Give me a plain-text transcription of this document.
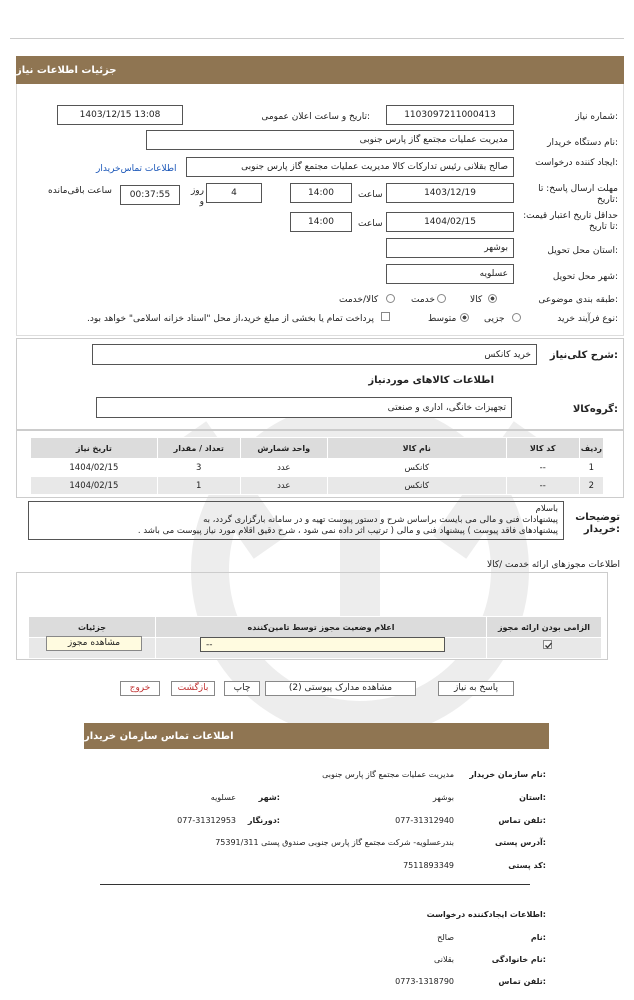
جزئیات اطلاعات نیاز
شماره نیاز:
1103097211000413
تاریخ و ساعت اعلان عمومی:
1403/12/15 13:08
نام دستگاه خریدار:
مدیریت عملیات مجتمع گاز پارس جنوبی
ایجاد کننده درخواست:
صالح بقلانی رئیس تدارکات کالا مدیریت عملیات مجتمع گاز پارس جنوبی
اطلاعات تماس‌خریدار
مهلت ارسال پاسخ: تا تاریخ:
1403/12/19
ساعت
14:00
4
روز و
00:37:55
ساعت باقی‌مانده
حداقل تاریخ اعتبار قیمت: تا تاریخ:
1404/02/15
ساعت
14:00
استان محل تحویل:
بوشهر
شهر محل تحویل:
عسلویه
طبقه بندی موضوعی:
کالا
خدمت
کالا/خدمت
نوع فرآیند خرید:
جزیی
متوسط
پرداخت تمام یا بخشی از مبلغ خرید،از محل "اسناد خزانه اسلامی" خواهد بود.
شرح کلی‌نیاز:
خرید کانکس
اطلاعات کالاهای موردنیاز
گروه‌کالا:
تجهیزات خانگی، اداری و صنعتی
ردیف	کد کالا	نام کالا	واحد شمارش	تعداد / مقدار	تاریخ نیاز
1	--	کانکس	عدد	3	1404/02/15
2	--	کانکس	عدد	1	1404/02/15
توضیحات خریدار:
باسلام
پیشنهادات فنی و مالی می بایست براساس شرح و دستور پیوست تهیه و در سامانه بارگزاری گردد، به
پیشنهادهای فاقد پیوست ) پیشنهاد فنی و مالی ( ترتیب اثر داده نمی شود ، شرح دقیق اقلام مورد نیاز پیوست می باشد .
اطلاعات مجوزهای ارائه خدمت /کالا
الزامی بودن ارائه مجوز	اعلام وضعیت مجوز توسط تامین‌کننده	جزئیات

--
مشاهده مجوز
پاسخ به نیاز
مشاهده مدارک پیوستی (2)
چاپ
بازگشت
خروج
اطلاعات تماس سازمان خریدار
نام سازمان خریدار:
مدیریت عملیات مجتمع گاز پارس جنوبی
استان:
بوشهر
شهر:
عسلویه
تلفن تماس:
077-31312940
دورنگار:
077-31312953
آدرس پستی:
بندرعسلویه- شرکت مجتمع گاز پارس جنوبی صندوق پستی 75391/311
کد پستی:
7511893349
اطلاعات ایجادکننده درخواست:
نام:
صالح
نام خانوادگی:
بقلانی
تلفن تماس:
0773-1318790
